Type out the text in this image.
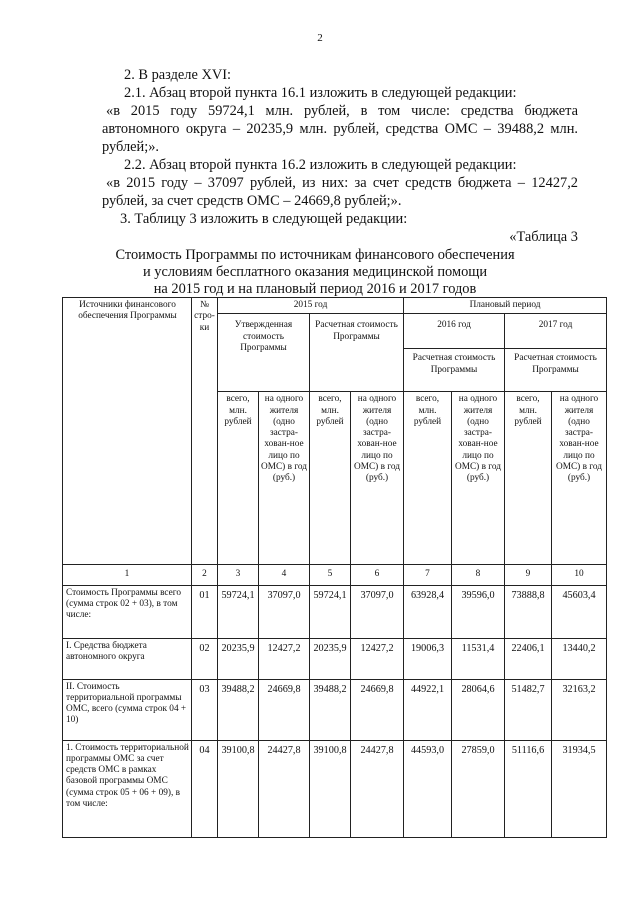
2

2. В разделе XVI:

2.1. Абзац второй пункта 16.1 изложить в следующей редакции:

«в 2015 году 59724,1 млн. рублей, в том числе: средства бюджета автономного округа – 20235,9 млн. рублей, средства ОМС – 39488,2 млн. рублей;».

2.2. Абзац второй пункта 16.2 изложить в следующей редакции:

«в 2015 году – 37097 рублей, из них: за счет средств бюджета – 12427,2 рублей, за счет средств ОМС – 24669,8 рублей;».

3. Таблицу 3 изложить в следующей редакции:

«Таблица 3

Стоимость Программы по источникам финансового обеспечения
и условиям бесплатного оказания медицинской помощи
на 2015 год и на плановый период 2016 и 2017 годов
Источники финансового обеспечения Программы	№ стро-ки	2015 год				Плановый период			
		Утвержденная стоимость Программы		Расчетная стоимость Программы		2016 год		2017 год	
						Расчетная стоимость Программы		Расчетная стоимость Программы	
		всего, млн. рублей	на одного жителя (одно застра-хован-ное лицо по ОМС) в год (руб.)	всего, млн. рублей	на одного жителя (одно застра-хован-ное лицо по ОМС) в год (руб.)	всего, млн. рублей	на одного жителя (одно застра-хован-ное лицо по ОМС) в год (руб.)	всего, млн. рублей	на одного жителя (одно застра-хован-ное лицо по ОМС) в год (руб.)
1	2	3	4	5	6	7	8	9	10
Стоимость Программы всего (сумма строк 02 + 03), в том числе:	01	59724,1	37097,0	59724,1	37097,0	63928,4	39596,0	73888,8	45603,4
I. Средства бюджета автономного округа	02	20235,9	12427,2	20235,9	12427,2	19006,3	11531,4	22406,1	13440,2
II. Стоимость территориальной программы ОМС, всего (сумма строк 04 + 10)	03	39488,2	24669,8	39488,2	24669,8	44922,1	28064,6	51482,7	32163,2
1. Стоимость территориальной программы ОМС за счет средств ОМС в рамках базовой программы ОМС (сумма строк 05 + 06 + 09), в том числе:	04	39100,8	24427,8	39100,8	24427,8	44593,0	27859,0	51116,6	31934,5
